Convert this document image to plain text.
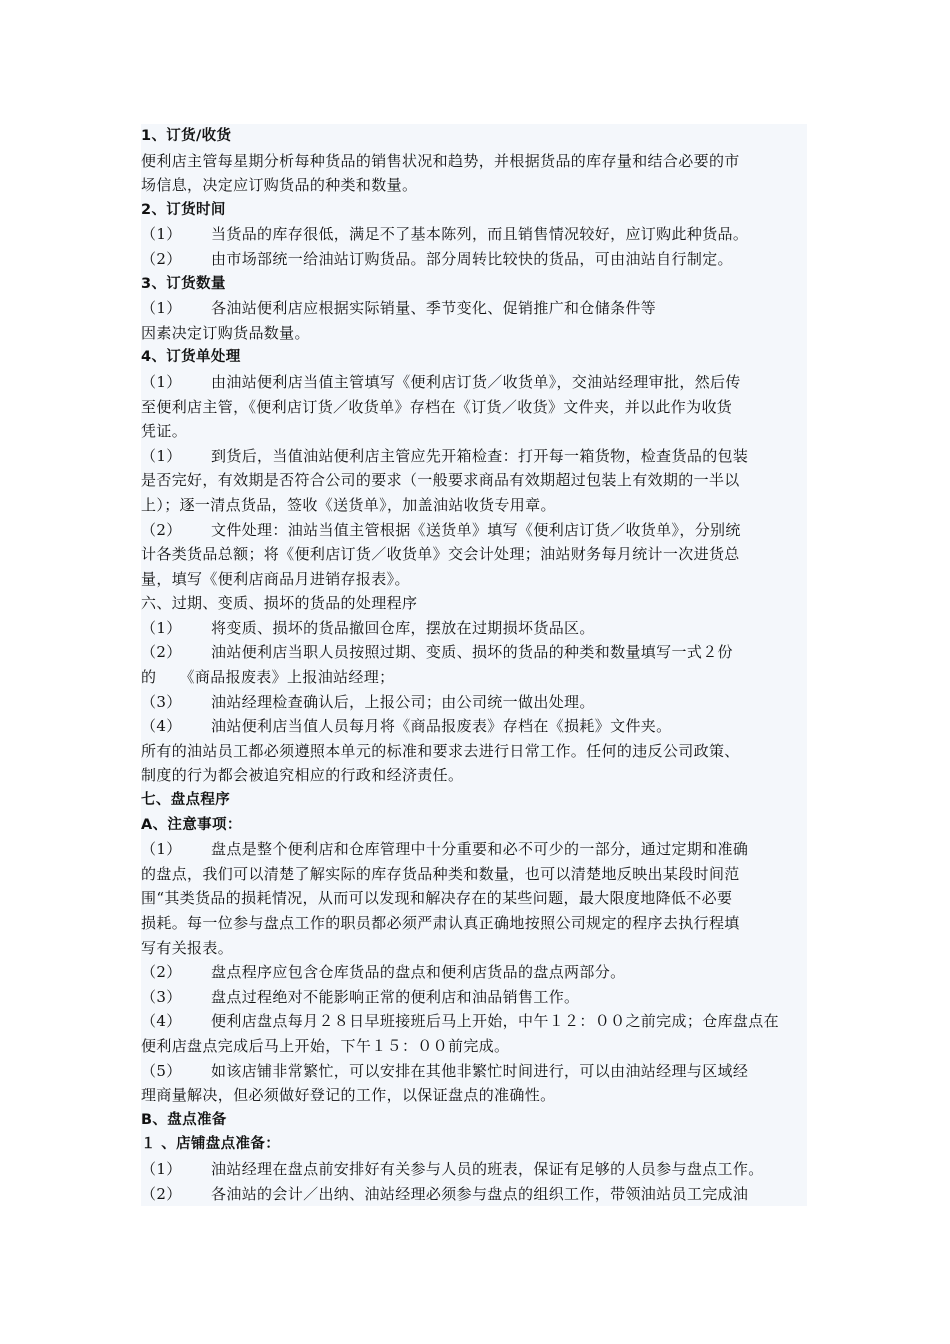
1、订货/收货
便利店主管每星期分析每种货品的销售状况和趋势，并根据货品的库存量和结合必要的市
场信息，决定应订购货品的种类和数量。
2、订货时间
（1） 当货品的库存很低，满足不了基本陈列，而且销售情况较好，应订购此种货品。
（2） 由市场部统一给油站订购货品。部分周转比较快的货品，可由油站自行制定。
3、订货数量
（1） 各油站便利店应根据实际销量、季节变化、促销推广和仓储条件等
因素决定订购货品数量。
4、订货单处理
（1） 由油站便利店当值主管填写《便利店订货／收货单》，交油站经理审批，然后传
至便利店主管，《便利店订货／收货单》存档在《订货／收货》文件夹，并以此作为收货
凭证。
（1） 到货后，当值油站便利店主管应先开箱检查：打开每一箱货物，检查货品的包装
是否完好，有效期是否符合公司的要求（一般要求商品有效期超过包装上有效期的一半以
上）；逐一清点货品，签收《送货单》，加盖油站收货专用章。
（2） 文件处理：油站当值主管根据《送货单》填写《便利店订货／收货单》，分别统
计各类货品总额；将《便利店订货／收货单》交会计处理；油站财务每月统计一次进货总
量，填写《便利店商品月进销存报表》。
六、过期、变质、损坏的货品的处理程序
（1） 将变质、损坏的货品撤回仓库，摆放在过期损坏货品区。
（2） 油站便利店当职人员按照过期、变质、损坏的货品的种类和数量填写一式２份
的　　《商品报废表》上报油站经理；
（3） 油站经理检查确认后，上报公司；由公司统一做出处理。
（4） 油站便利店当值人员每月将《商品报废表》存档在《损耗》文件夹。
所有的油站员工都必须遵照本单元的标准和要求去进行日常工作。任何的违反公司政策、
制度的行为都会被追究相应的行政和经济责任。
七、盘点程序
A、注意事项：
（1） 盘点是整个便利店和仓库管理中十分重要和必不可少的一部分，通过定期和准确
的盘点，我们可以清楚了解实际的库存货品种类和数量，也可以清楚地反映出某段时间范
围“其类货品的损耗情况，从而可以发现和解决存在的某些问题，最大限度地降低不必要
损耗。每一位参与盘点工作的职员都必须严肃认真正确地按照公司规定的程序去执行程填
写有关报表。
（2） 盘点程序应包含仓库货品的盘点和便利店货品的盘点两部分。
（3） 盘点过程绝对不能影响正常的便利店和油品销售工作。
（4） 便利店盘点每月２８日早班接班后马上开始，中午１２：００之前完成；仓库盘点在
便利店盘点完成后马上开始，下午１５：００前完成。
（5） 如该店铺非常繁忙，可以安排在其他非繁忙时间进行，可以由油站经理与区域经
理商量解决，但必须做好登记的工作，以保证盘点的准确性。
B、盘点准备
１ 、店铺盘点准备：
（1） 油站经理在盘点前安排好有关参与人员的班表，保证有足够的人员参与盘点工作。
（2） 各油站的会计／出纳、油站经理必须参与盘点的组织工作，带领油站员工完成油
